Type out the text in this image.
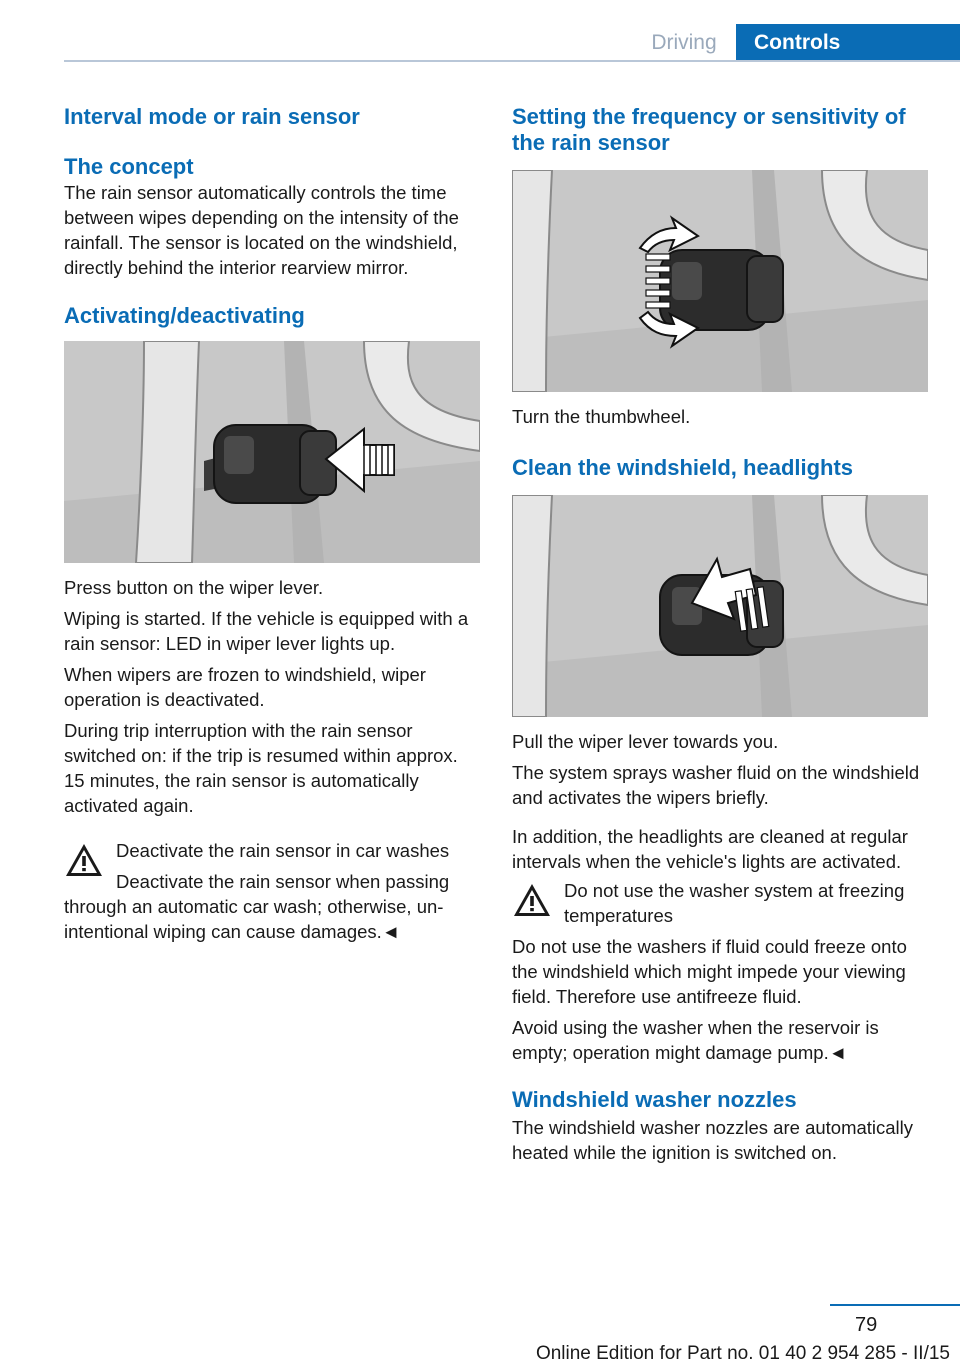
Driving	Controls
Interval mode or rain sensor
The concept

The rain sensor automatically controls the time between wipes depending on the intensity of the rainfall. The sensor is located on the windshield, directly behind the interior rearview mirror.

Activating/deactivating

Press button on the wiper lever.

Wiping is started. If the vehicle is equipped with a rain sensor: LED in wiper lever lights up.

When wipers are frozen to windshield, wiper operation is deactivated.

During trip interruption with the rain sensor switched on: if the trip is resumed within approx. 15 minutes, the rain sensor is automatically activated again.

Deactivate the rain sensor in car washes

Deactivate the rain sensor when passing through an automatic car wash; otherwise, unintentional wiping can cause damages.◄

Setting the frequency or sensitivity of the rain sensor

Turn the thumbwheel.

Clean the windshield, headlights

Pull the wiper lever towards you.

The system sprays washer fluid on the windshield and activates the wipers briefly.

In addition, the headlights are cleaned at regular intervals when the vehicle's lights are activated.

Do not use the washer system at freezing temperatures

Do not use the washers if fluid could freeze onto the windshield which might impede your viewing field. Therefore use antifreeze fluid.

Avoid using the washer when the reservoir is empty; operation might damage pump.◄

Windshield washer nozzles

The windshield washer nozzles are automatically heated while the ignition is switched on.

79
Online Edition for Part no. 01 40 2 954 285 - II/15
